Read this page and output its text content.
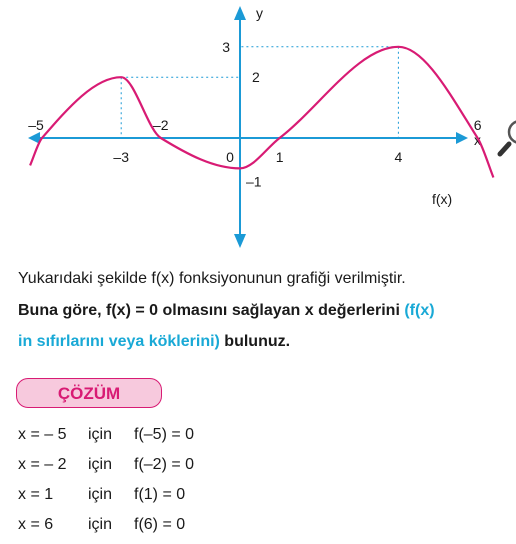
x
y
–5
–3
–2
0	1	4
6
3
2
–1
f(x)
Yukarıdaki şekilde f(x) fonksiyonunun grafiği verilmiştir.
Buna göre, f(x) = 0 olmasını sağlayan x değerlerini (f(x)
in sıfırlarını veya köklerini) bulunuz.
ÇÖZÜM
x = – 5 için f(–5) = 0
x = – 2 için f(–2) = 0
x = 1 için f(1) = 0
x = 6 için f(6) = 0
